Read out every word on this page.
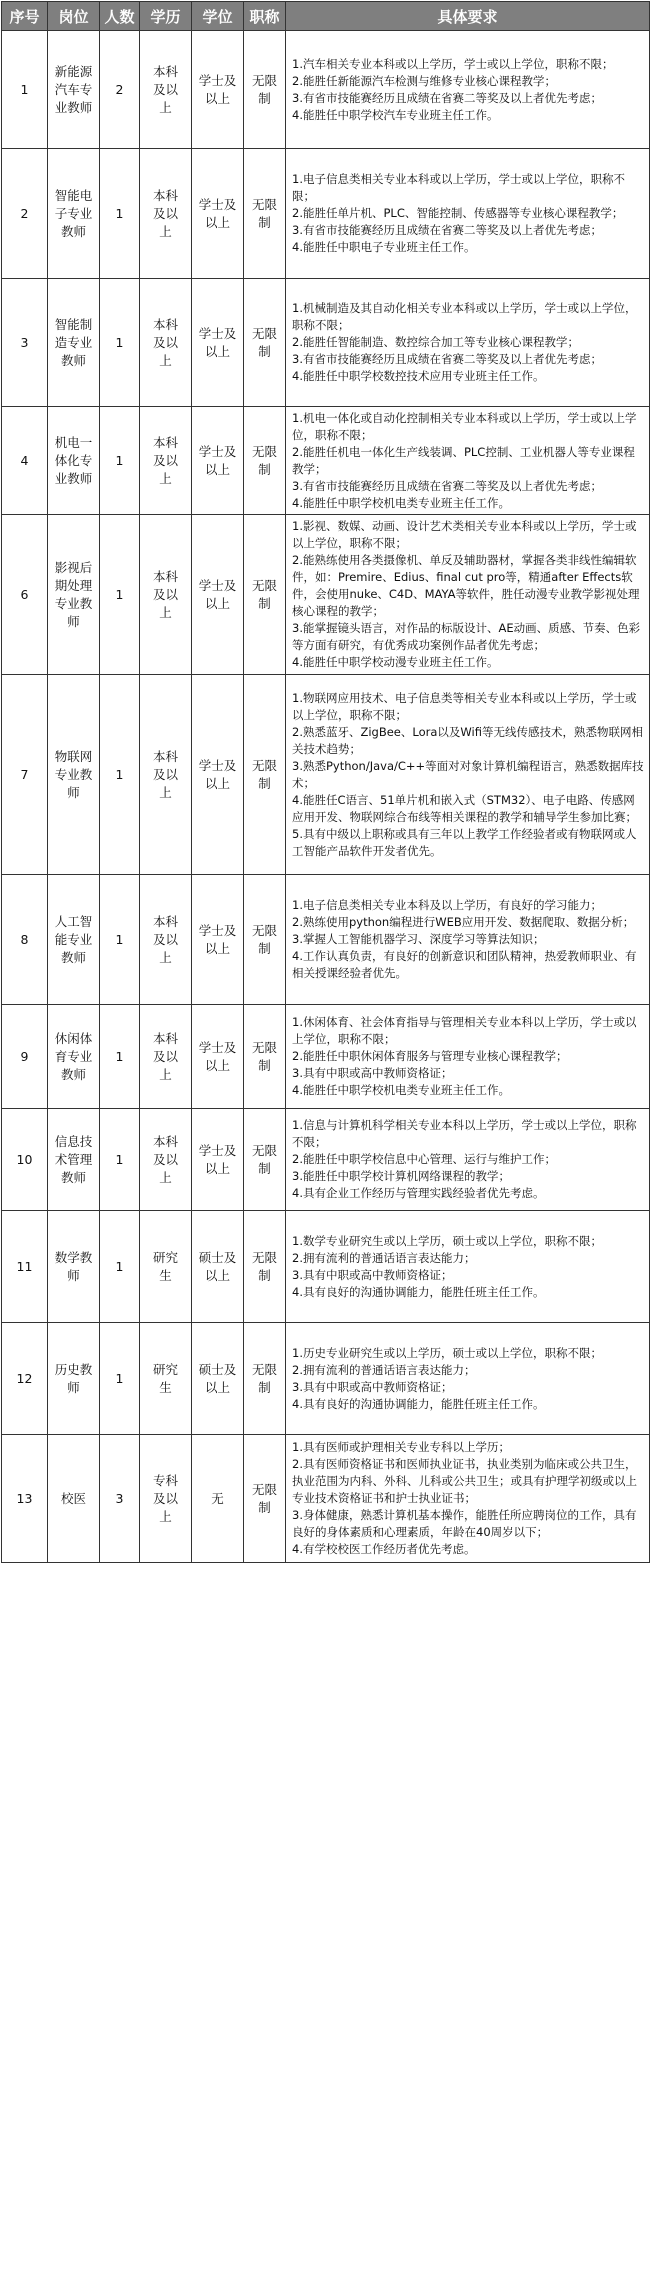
序号	岗位	人数	学历	学位	职称	具体要求
1	新能源汽车专业教师	2	本科及以上	学士及以上	无限制	1.汽车相关专业本科或以上学历，学士或以上学位，职称不限；
2.能胜任新能源汽车检测与维修专业核心课程教学；
3.有省市技能赛经历且成绩在省赛二等奖及以上者优先考虑；
4.能胜任中职学校汽车专业班主任工作。

2	智能电子专业教师	1	本科及以上	学士及以上	无限制	1.电子信息类相关专业本科或以上学历，学士或以上学位，职称不限；
2.能胜任单片机、PLC、智能控制、传感器等专业核心课程教学；
3.有省市技能赛经历且成绩在省赛二等奖及以上者优先考虑；
4.能胜任中职电子专业班主任工作。

3	智能制造专业教师	1	本科及以上	学士及以上	无限制	1.机械制造及其自动化相关专业本科或以上学历，学士或以上学位，职称不限；
2.能胜任智能制造、数控综合加工等专业核心课程教学；
3.有省市技能赛经历且成绩在省赛二等奖及以上者优先考虑；
4.能胜任中职学校数控技术应用专业班主任工作。

4	机电一体化专业教师	1	本科及以上	学士及以上	无限制	1.机电一体化或自动化控制相关专业本科或以上学历，学士或以上学位，职称不限；
2.能胜任机电一体化生产线装调、PLC控制、工业机器人等专业课程教学；
3.有省市技能赛经历且成绩在省赛二等奖及以上者优先考虑；
4.能胜任中职学校机电类专业班主任工作。

6	影视后期处理专业教师	1	本科及以上	学士及以上	无限制	1.影视、数媒、动画、设计艺术类相关专业本科或以上学历，学士或以上学位，职称不限；
2.能熟练使用各类摄像机、单反及辅助器材，掌握各类非线性编辑软件，如：Premire、Edius、final cut pro等，精通after Effects软件，会使用nuke、C4D、MAYA等软件，胜任动漫专业教学影视处理核心课程的教学；
3.能掌握镜头语言，对作品的标版设计、AE动画、质感、节奏、色彩等方面有研究，有优秀成功案例作品者优先考虑；
4.能胜任中职学校动漫专业班主任工作。

7	物联网专业教师	1	本科及以上	学士及以上	无限制	1.物联网应用技术、电子信息类等相关专业本科或以上学历，学士或以上学位，职称不限；
2.熟悉蓝牙、ZigBee、Lora以及Wifi等无线传感技术，熟悉物联网相关技术趋势；
3.熟悉Python/Java/C++等面对对象计算机编程语言，熟悉数据库技术；
4.能胜任C语言、51单片机和嵌入式（STM32）、电子电路、传感网应用开发、物联网综合布线等相关课程的教学和辅导学生参加比赛；
5.具有中级以上职称或具有三年以上教学工作经验者或有物联网或人工智能产品软件开发者优先。

8	人工智能专业教师	1	本科及以上	学士及以上	无限制	1.电子信息类相关专业本科及以上学历，有良好的学习能力；
2.熟练使用python编程进行WEB应用开发、数据爬取、数据分析；
3.掌握人工智能机器学习、深度学习等算法知识；
4.工作认真负责，有良好的创新意识和团队精神，热爱教师职业、有相关授课经验者优先。

9	休闲体育专业教师	1	本科及以上	学士及以上	无限制	1.休闲体育、社会体育指导与管理相关专业本科以上学历，学士或以上学位，职称不限；
2.能胜任中职休闲体育服务与管理专业核心课程教学；
3.具有中职或高中教师资格证；
4.能胜任中职学校机电类专业班主任工作。

10	信息技术管理教师	1	本科及以上	学士及以上	无限制	1.信息与计算机科学相关专业本科以上学历，学士或以上学位，职称不限；
2.能胜任中职学校信息中心管理、运行与维护工作；
3.能胜任中职学校计算机网络课程的教学；
4.具有企业工作经历与管理实践经验者优先考虑。

11	数学教师	1	研究生	硕士及以上	无限制	1.数学专业研究生或以上学历，硕士或以上学位，职称不限；
2.拥有流利的普通话语言表达能力；
3.具有中职或高中教师资格证；
4.具有良好的沟通协调能力，能胜任班主任工作。

12	历史教师	1	研究生	硕士及以上	无限制	1.历史专业研究生或以上学历，硕士或以上学位，职称不限；
2.拥有流利的普通话语言表达能力；
3.具有中职或高中教师资格证；
4.具有良好的沟通协调能力，能胜任班主任工作。

13	校医	3	专科及以上	无	无限制	1.具有医师或护理相关专业专科以上学历；
2.具有医师资格证书和医师执业证书，执业类别为临床或公共卫生，执业范围为内科、外科、儿科或公共卫生；或具有护理学初级或以上专业技术资格证书和护士执业证书；
3.身体健康，熟悉计算机基本操作，能胜任所应聘岗位的工作，具有良好的身体素质和心理素质，年龄在40周岁以下；
4.有学校校医工作经历者优先考虑。
